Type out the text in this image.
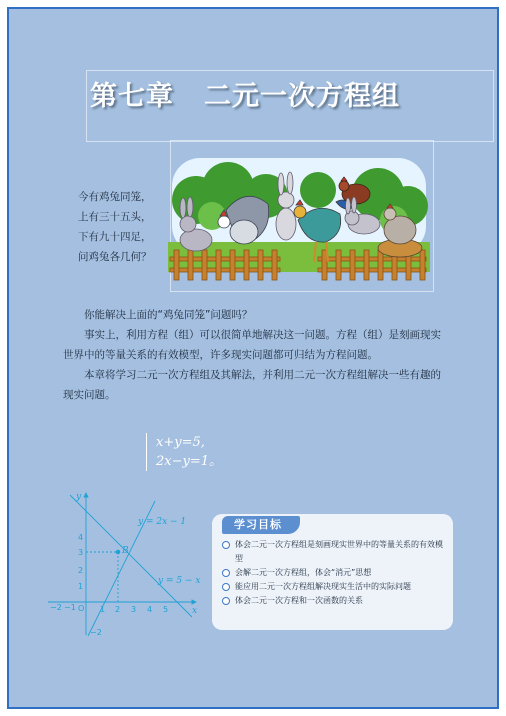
第七章 二元一次方程组
今有鸡兔同笼，
上有三十五头，
下有九十四足，
问鸡兔各几何？

你能解决上面的“鸡兔同笼”问题吗？

事实上，利用方程（组）可以很简单地解决这一问题。方程（组）是刻画现实世界中的等量关系的有效模型，许多现实问题都可归结为方程问题。

本章将学习二元一次方程组及其解法，并利用二元一次方程组解决一些有趣的现实问题。

x+y=5,
2x−y=1。
x
y
B
y = 2x − 1
y = 5 − x
O
−2 −1	1 2 3 4 5
−2
1
2
3
4
体会二元一次方程组是刻画现实世界中的等量关系的有效模型
会解二元一次方程组，体会“消元”思想
能应用二元一次方程组解决现实生活中的实际问题
体会二元一次方程和一次函数的关系
学习目标
